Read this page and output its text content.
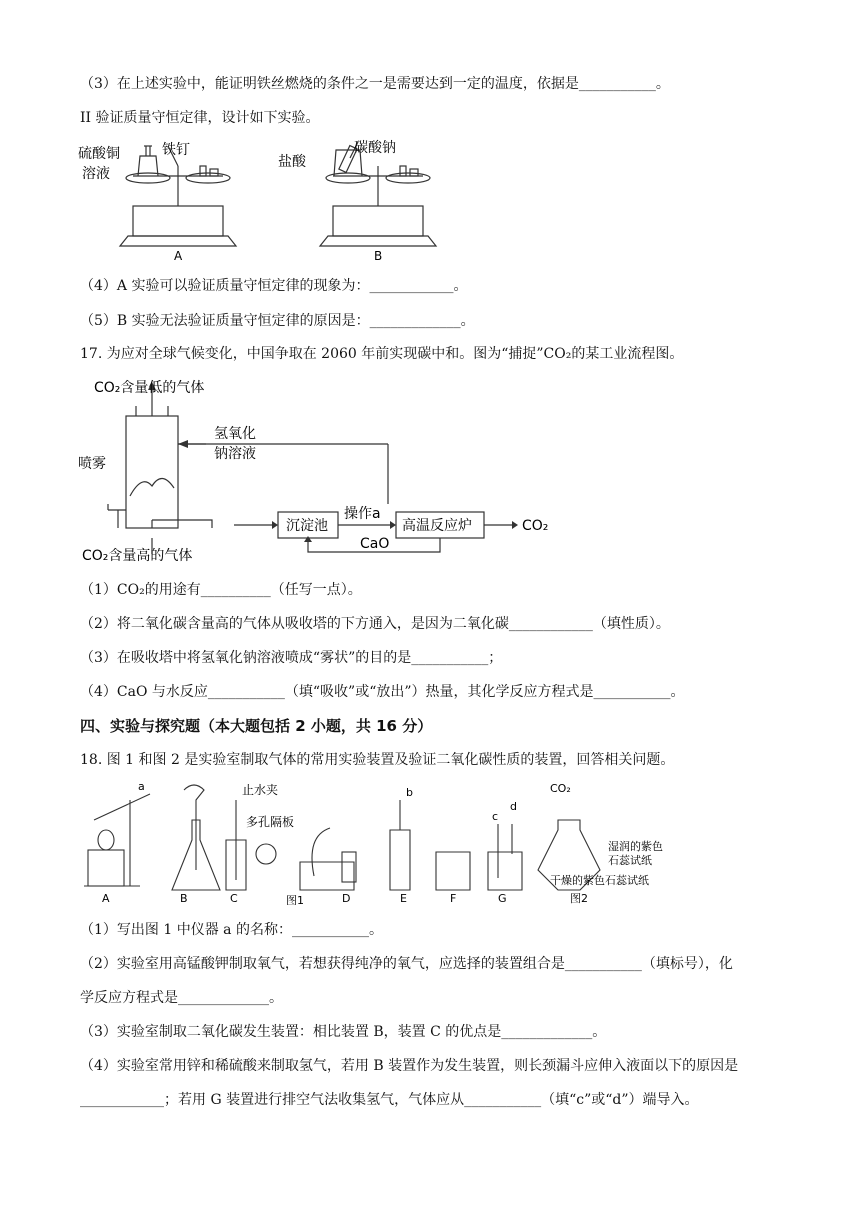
（3）在上述实验中，能证明铁丝燃烧的条件之一是需要达到一定的温度，依据是___________。
II 验证质量守恒定律，设计如下实验。
硫酸铜
溶液
铁钉
A
盐酸
碳酸钠
B
（4）A 实验可以验证质量守恒定律的现象为：____________。
（5）B 实验无法验证质量守恒定律的原因是：_____________。
17. 为应对全球气候变化，中国争取在 2060 年前实现碳中和。图为“捕捉”CO₂的某工业流程图。
CO₂含量低的气体
氢氧化
钠溶液
喷雾
CO₂含量高的气体
沉淀池
操作a
高温反应炉	CO₂
CaO
（1）CO₂的用途有__________（任写一点）。
（2）将二氧化碳含量高的气体从吸收塔的下方通入，是因为二氧化碳____________（填性质）。
（3）在吸收塔中将氢氧化钠溶液喷成“雾状”的目的是___________；
（4）CaO 与水反应___________（填“吸收”或“放出”）热量，其化学反应方程式是___________。
四、实验与探究题（本大题包括 2 小题，共 16 分）
18. 图 1 和图 2 是实验室制取气体的常用实验装置及验证二氧化碳性质的装置，回答相关问题。
a	止水夹
多孔隔板
b
c
d
A	B	C	D	E	F	G
CO₂
湿润的紫色
石蕊试纸
干燥的紫色石蕊试纸
图2
图1
（1）写出图 1 中仪器 a 的名称：___________。
（2）实验室用高锰酸钾制取氧气，若想获得纯净的氧气，应选择的装置组合是___________（填标号），化
学反应方程式是_____________。
（3）实验室制取二氧化碳发生装置：相比装置 B，装置 C 的优点是_____________。
（4）实验室常用锌和稀硫酸来制取氢气，若用 B 装置作为发生装置，则长颈漏斗应伸入液面以下的原因是
____________；若用 G 装置进行排空气法收集氢气，气体应从___________（填“c”或“d”）端导入。
